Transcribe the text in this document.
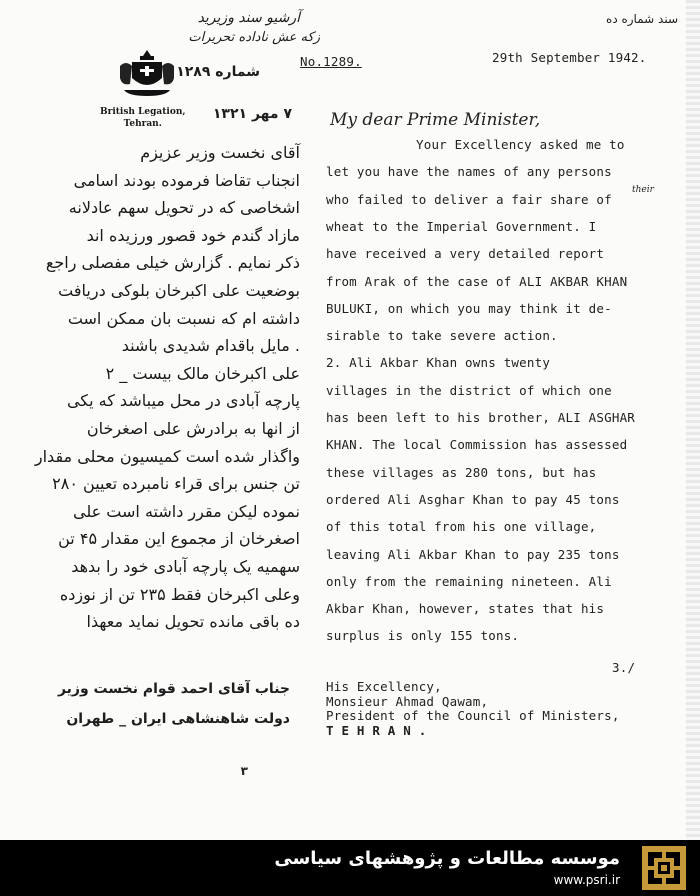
آرشیو سند وزیرید
زکه عش ناداده تحریرات
سند شماره ده
British Legation,
Tehran.
شماره ۱۲۸۹
No.1289.	29th September 1942.
۷ مهر ۱۳۲۱ My dear Prime Minister,
their
Your Excellency asked me to
let you have the names of any persons
who failed to deliver a fair share of
wheat to the Imperial Government. I
have received a very detailed report
from Arak of the case of ALI AKBAR KHAN
BULUKI, on which you may think it de-
sirable to take severe action.
2. Ali Akbar Khan owns twenty
villages in the district of which one
has been left to his brother, ALI ASGHAR
KHAN. The local Commission has assessed
these villages as 280 tons, but has
ordered Ali Asghar Khan to pay 45 tons
of this total from his one village,
leaving Ali Akbar Khan to pay 235 tons
only from the remaining nineteen. Ali
Akbar Khan, however, states that his
surplus is only 155 tons.
3./
His Excellency,
Monsieur Ahmad Qawam,
President of the Council of Ministers,
T E H R A N .
آقای نخست وزیر عزیزم
انجناب تقاضا فرموده بودند اسامی
اشخاصی که در تحویل سهم عادلانه
مازاد گندم خود قصور ورزیده اند
ذکر نمایم . گزارش خیلی مفصلی راجع
بوضعیت علی اکبرخان بلوکی دریافت
داشته ام که نسبت بان ممکن است
مایل باقدام شدیدی باشند .
۲ _ علی اکبرخان مالک بیست
پارچه آبادی در محل میباشد که یکی
از انها به برادرش علی اصغرخان
واگذار شده است کمیسیون محلی مقدار
۲۸۰ تن جنس برای قراء نامبرده تعیین
نموده لیکن مقرر داشته است علی
اصغرخان از مجموع این مقدار ۴۵ تن
سهمیه یک پارچه آبادی خود را بدهد
وعلی اکبرخان فقط ۲۳۵ تن از نوزده
ده باقی مانده تحویل نماید معهذا
جناب آقای احمد قوام نخست وزیر
دولت شاهنشاهی ایران _ طهران
۳
موسسه مطالعات و پژوهشهای سیاسی
www.psri.ir
